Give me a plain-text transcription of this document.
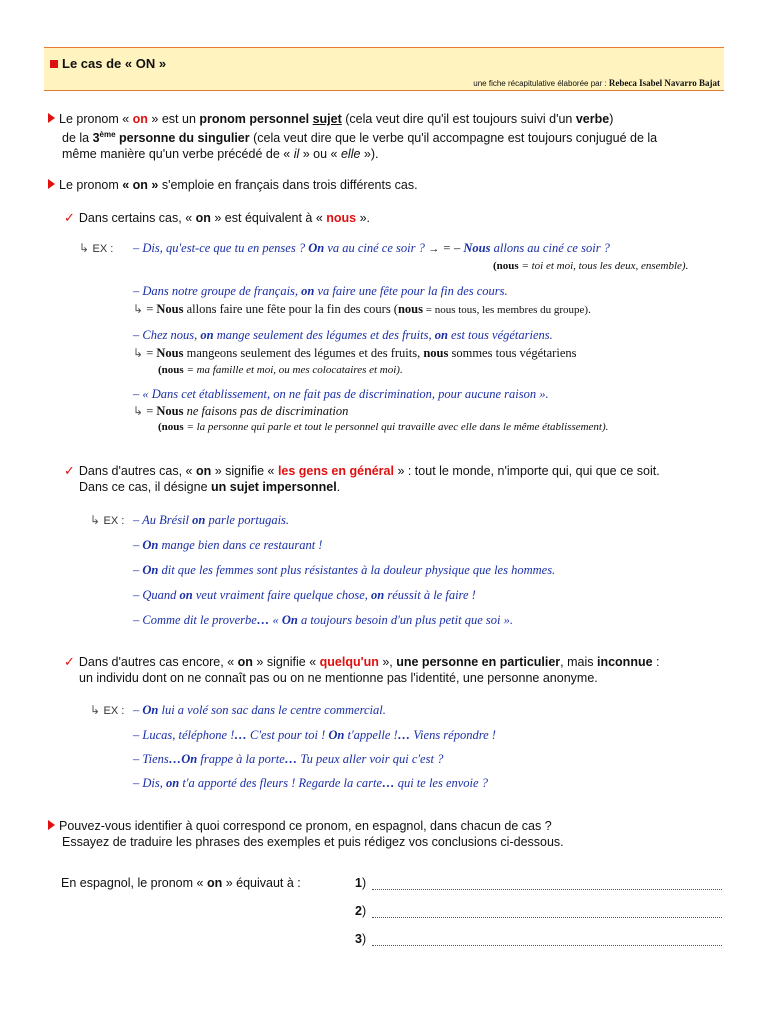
Le cas de « ON »
une fiche récapitulative élaborée par : Rebeca Isabel Navarro Bajat
Le pronom « on » est un pronom personnel sujet (cela veut dire qu'il est toujours suivi d'un verbe)
de la 3ème personne du singulier (cela veut dire que le verbe qu'il accompagne est toujours conjugué de la
même manière qu'un verbe précédé de « il » ou « elle »).
Le pronom « on » s'emploie en français dans trois différents cas.
✓ Dans certains cas, « on » est équivalent à « nous ».
↳ EX : – Dis, qu'est-ce que tu en penses ? On va au ciné ce soir ? → = – Nous allons au ciné ce soir ?
(nous = toi et moi, tous les deux, ensemble).
– Dans notre groupe de français, on va faire une fête pour la fin des cours.
↳ = Nous allons faire une fête pour la fin des cours (nous = nous tous, les membres du groupe).
– Chez nous, on mange seulement des légumes et des fruits, on est tous végétariens.
↳ = Nous mangeons seulement des légumes et des fruits, nous sommes tous végétariens
(nous = ma famille et moi, ou mes colocataires et moi).
– « Dans cet établissement, on ne fait pas de discrimination, pour aucune raison ».
↳ = Nous ne faisons pas de discrimination
(nous = la personne qui parle et tout le personnel qui travaille avec elle dans le même établissement).
✓ Dans d'autres cas, « on » signifie « les gens en général » : tout le monde, n'importe qui, qui que ce soit.
Dans ce cas, il désigne un sujet impersonnel.
↳ EX : – Au Brésil on parle portugais.
– On mange bien dans ce restaurant !
– On dit que les femmes sont plus résistantes à la douleur physique que les hommes.
– Quand on veut vraiment faire quelque chose, on réussit à le faire !
– Comme dit le proverbe… « On a toujours besoin d'un plus petit que soi ».
✓ Dans d'autres cas encore, « on » signifie « quelqu'un », une personne en particulier, mais inconnue :
un individu dont on ne connaît pas ou on ne mentionne pas l'identité, une personne anonyme.
↳ EX : – On lui a volé son sac dans le centre commercial.
– Lucas, téléphone !… C'est pour toi ! On t'appelle !… Viens répondre !
– Tiens…On frappe à la porte… Tu peux aller voir qui c'est ?
– Dis, on t'a apporté des fleurs ! Regarde la carte… qui te les envoie ?
Pouvez-vous identifier à quoi correspond ce pronom, en espagnol, dans chacun de cas ?
Essayez de traduire les phrases des exemples et puis rédigez vos conclusions ci-dessous.
En espagnol, le pronom « on » équivaut à :	1)
2)
3)
